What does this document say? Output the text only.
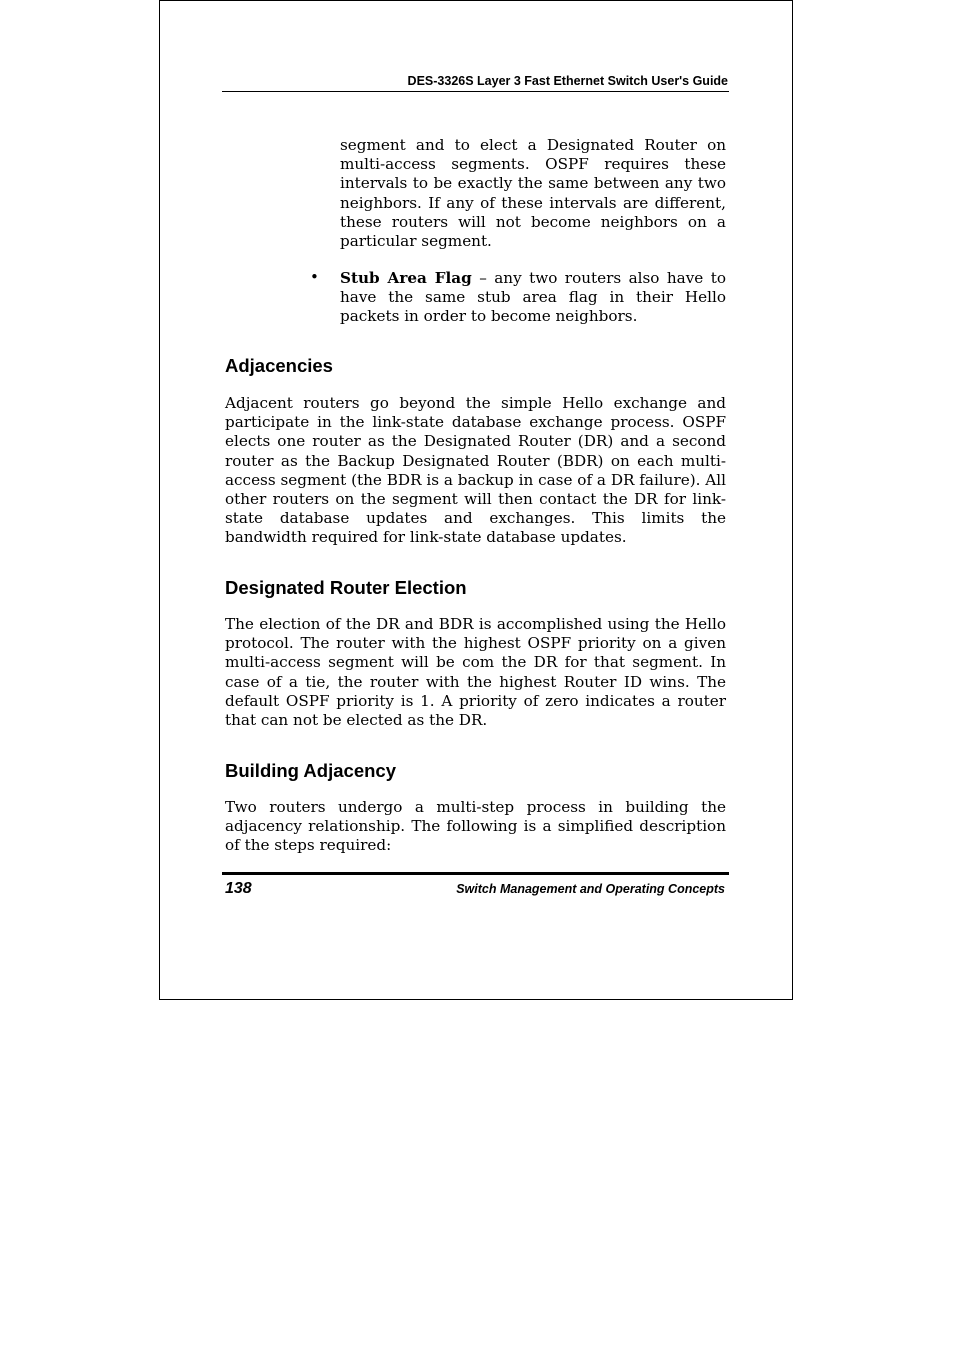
DES-3326S Layer 3 Fast Ethernet Switch User's Guide

segment and to elect a Designated Router on multi-access segments. OSPF requires these intervals to be exactly the same between any two neighbors. If any of these intervals are different, these routers will not become neighbors on a particular segment.

• Stub Area Flag – any two routers also have to have the same stub area flag in their Hello packets in order to become neighbors.

Adjacencies

Adjacent routers go beyond the simple Hello exchange and participate in the link-state database exchange process. OSPF elects one router as the Designated Router (DR) and a second router as the Backup Designated Router (BDR) on each multi-access segment (the BDR is a backup in case of a DR failure). All other routers on the segment will then contact the DR for link-state database updates and exchanges. This limits the bandwidth required for link-state database updates.

Designated Router Election

The election of the DR and BDR is accomplished using the Hello protocol. The router with the highest OSPF priority on a given multi-access segment will be com the DR for that segment. In case of a tie, the router with the highest Router ID wins. The default OSPF priority is 1. A priority of zero indicates a router that can not be elected as the DR.

Building Adjacency

Two routers undergo a multi-step process in building the adjacency relationship. The following is a simplified description of the steps required:

138	Switch Management and Operating Concepts
